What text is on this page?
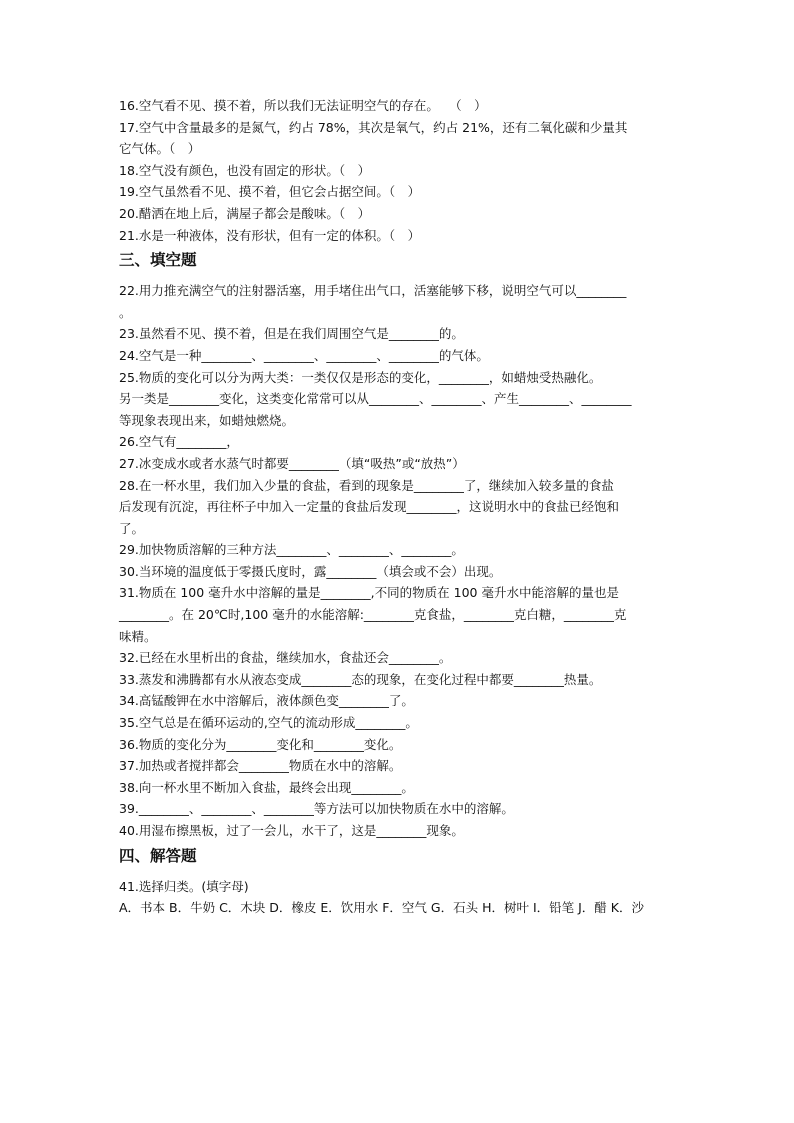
16.空气看不见、摸不着，所以我们无法证明空气的存在。　 （　）
17.空气中含量最多的是氮气，约占 78%，其次是氧气，约占 21%，还有二氧化碳和少量其
它气体。（　）
18.空气没有颜色，也没有固定的形状。（　）
19.空气虽然看不见、摸不着，但它会占据空间。（　）
20.醋洒在地上后，满屋子都会是酸味。（　）
21.水是一种液体，没有形状，但有一定的体积。（　）
三、填空题
22.用力推充满空气的注射器活塞，用手堵住出气口，活塞能够下移，说明空气可以________
。
23.虽然看不见、摸不着，但是在我们周围空气是________的。
24.空气是一种________、________、________、________的气体。
25.物质的变化可以分为两大类：一类仅仅是形态的变化，________，如蜡烛受热融化。
另一类是________变化，这类变化常常可以从________、________、产生________、________
等现象表现出来，如蜡烛燃烧。
26.空气有________，
27.冰变成水或者水蒸气时都要________（填“吸热”或“放热”）
28.在一杯水里，我们加入少量的食盐，看到的现象是________了，继续加入较多量的食盐
后发现有沉淀，再往杯子中加入一定量的食盐后发现________，这说明水中的食盐已经饱和
了。
29.加快物质溶解的三种方法________、________、________。
30.当环境的温度低于零摄氏度时，露________（填会或不会）出现。
31.物质在 100 毫升水中溶解的量是________,不同的物质在 100 毫升水中能溶解的量也是
________。在 20℃时,100 毫升的水能溶解:________克食盐，________克白糖，________克
味精。
32.已经在水里析出的食盐，继续加水，食盐还会________。
33.蒸发和沸腾都有水从液态变成________态的现象，在变化过程中都要________热量。
34.高锰酸钾在水中溶解后，液体颜色变________了。
35.空气总是在循环运动的,空气的流动形成________。
36.物质的变化分为________变化和________变化。
37.加热或者搅拌都会________物质在水中的溶解。
38.向一杯水里不断加入食盐，最终会出现________。
39.________、________、________等方法可以加快物质在水中的溶解。
40.用湿布擦黑板，过了一会儿，水干了，这是________现象。
四、解答题
41.选择归类。(填字母)
A．书本 B．牛奶 C．木块 D．橡皮 E．饮用水 F．空气 G．石头 H．树叶 I．铅笔 J．醋 K．沙
